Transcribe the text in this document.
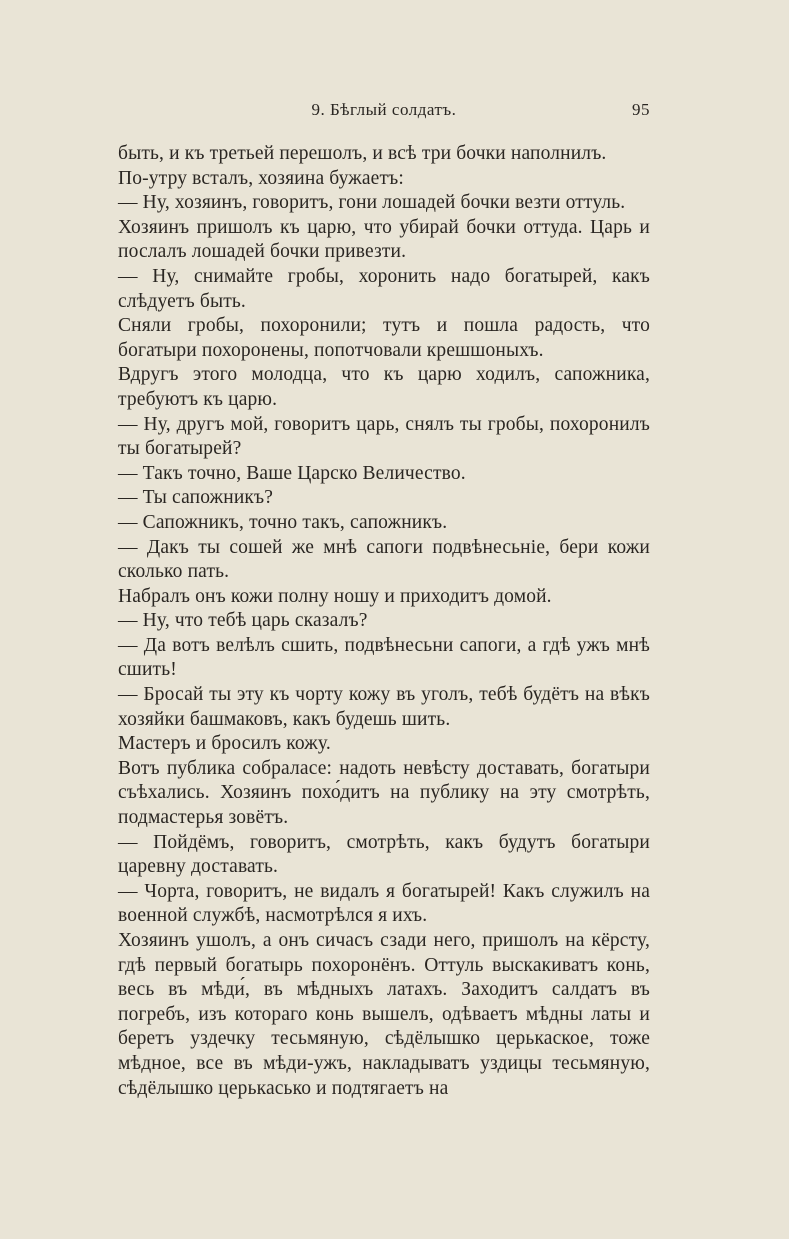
9. Бѣглый солдатъ.	95

быть, и къ третьей перешолъ, и всѣ три бочки наполнилъ.

По-утру всталъ, хозяина бужаетъ:

— Ну, хозяинъ, говоритъ, гони лошадей бочки везти оттуль.

Хозяинъ пришолъ къ царю, что убирай бочки оттуда. Царь и послалъ лошадей бочки привезти.

— Ну, снимайте гробы, хоронить надо богатырей, какъ слѣдуетъ быть.

Сняли гробы, похоронили; тутъ и пошла радость, что богатыри похоронены, попотчовали крешшоныхъ.

Вдругъ этого молодца, что къ царю ходилъ, сапожника, требуютъ къ царю.

— Ну, другъ мой, говоритъ царь, снялъ ты гробы, похоронилъ ты богатырей?

— Такъ точно, Ваше Царско Величество.

— Ты сапожникъ?

— Сапожникъ, точно такъ, сапожникъ.

— Дакъ ты сошей же мнѣ сапоги подвѣнесьніе, бери кожи сколько пать.

Набралъ онъ кожи полну ношу и приходитъ домой.

— Ну, что тебѣ царь сказалъ?

— Да вотъ велѣлъ сшить, подвѣнесьни сапоги, а гдѣ ужъ мнѣ сшить!

— Бросай ты эту къ чорту кожу въ уголъ, тебѣ будётъ на вѣкъ хозяйки башмаковъ, какъ будешь шить.

Мастеръ и бросилъ кожу.

Вотъ публика собраласе: надоть невѣсту доставать, богатыри съѣхались. Хозяинъ похо́дитъ на публику на эту смотрѣть, подмастерья зовётъ.

— Пойдёмъ, говоритъ, смотрѣть, какъ будутъ богатыри царевну доставать.

— Чорта, говоритъ, не видалъ я богатырей! Какъ служилъ на военной службѣ, насмотрѣлся я ихъ.

Хозяинъ ушолъ, а онъ сичасъ сзади него, пришолъ на кёрсту, гдѣ первый богатырь похоронёнъ. Оттуль выскакиватъ конь, весь въ мѣди́, въ мѣдныхъ латахъ. Заходитъ салдатъ въ погребъ, изъ котораго конь вышелъ, одѣваетъ мѣдны латы и беретъ уздечку тесьмяную, сѣдёлышко церькаское, тоже мѣдное, все въ мѣди-ужъ, накладыватъ уздицы тесьмяную, сѣдёлышко церькасько и подтягаетъ на
